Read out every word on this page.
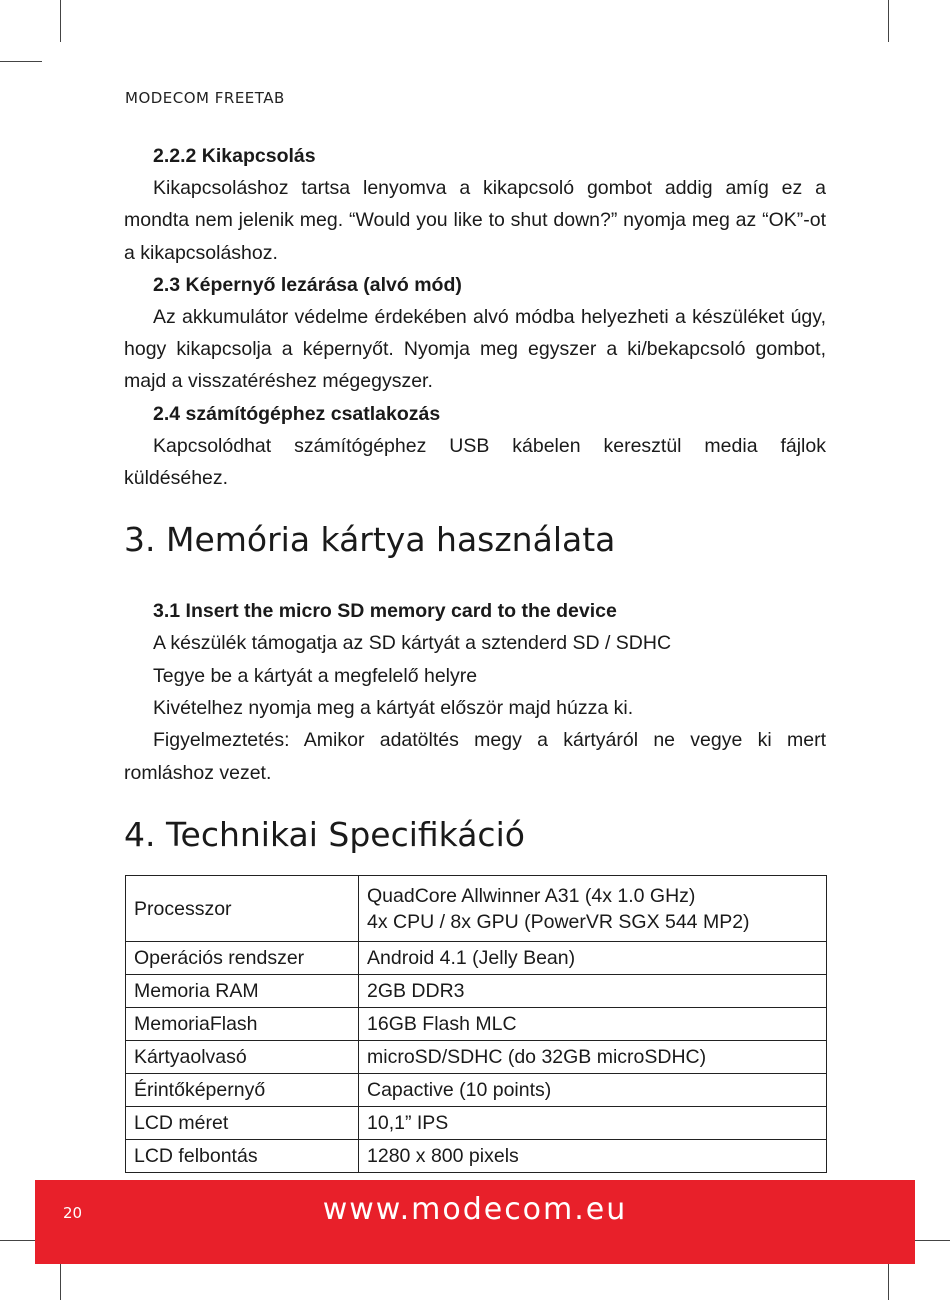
MODECOM FREETAB
2.2.2 Kikapcsolás

Kikapcsoláshoz tartsa lenyomva a kikapcsoló gombot addig amíg ez a mondta nem jelenik meg. “Would you like to shut down?” nyomja meg az “OK”-ot a kikapcsoláshoz.

2.3 Képernyő lezárása (alvó mód)

Az akkumulátor védelme érdekében alvó módba helyezheti a készüléket úgy, hogy kikapcsolja a képernyőt. Nyomja meg egyszer a ki/bekapcsoló gombot, majd a visszatéréshez mégegyszer.

2.4 számítógéphez csatlakozás

Kapcsolódhat számítógéphez USB kábelen keresztül media fájlok küldéséhez.

3. Memória kártya használata
3.1 Insert the micro SD memory card to the device

A készülék támogatja az SD kártyát a sztenderd SD / SDHC

Tegye be a kártyát a megfelelő helyre

Kivételhez nyomja meg a kártyát először majd húzza ki.

Figyelmeztetés: Amikor adatöltés megy a kártyáról ne vegye ki mert romláshoz vezet.

4. Technikai Specifikáció
Processzor	QuadCore Allwinner A31 (4x 1.0 GHz)
4x CPU / 8x GPU (PowerVR SGX 544 MP2)

Operációs rendszer	Android 4.1 (Jelly Bean)
Memoria RAM	2GB DDR3
MemoriaFlash	16GB Flash MLC
Kártyaolvasó	microSD/SDHC (do 32GB microSDHC)
Érintőképernyő	Capactive (10 points)
LCD méret	10,1” IPS
LCD felbontás	1280 x 800 pixels
20	www.modecom.eu
